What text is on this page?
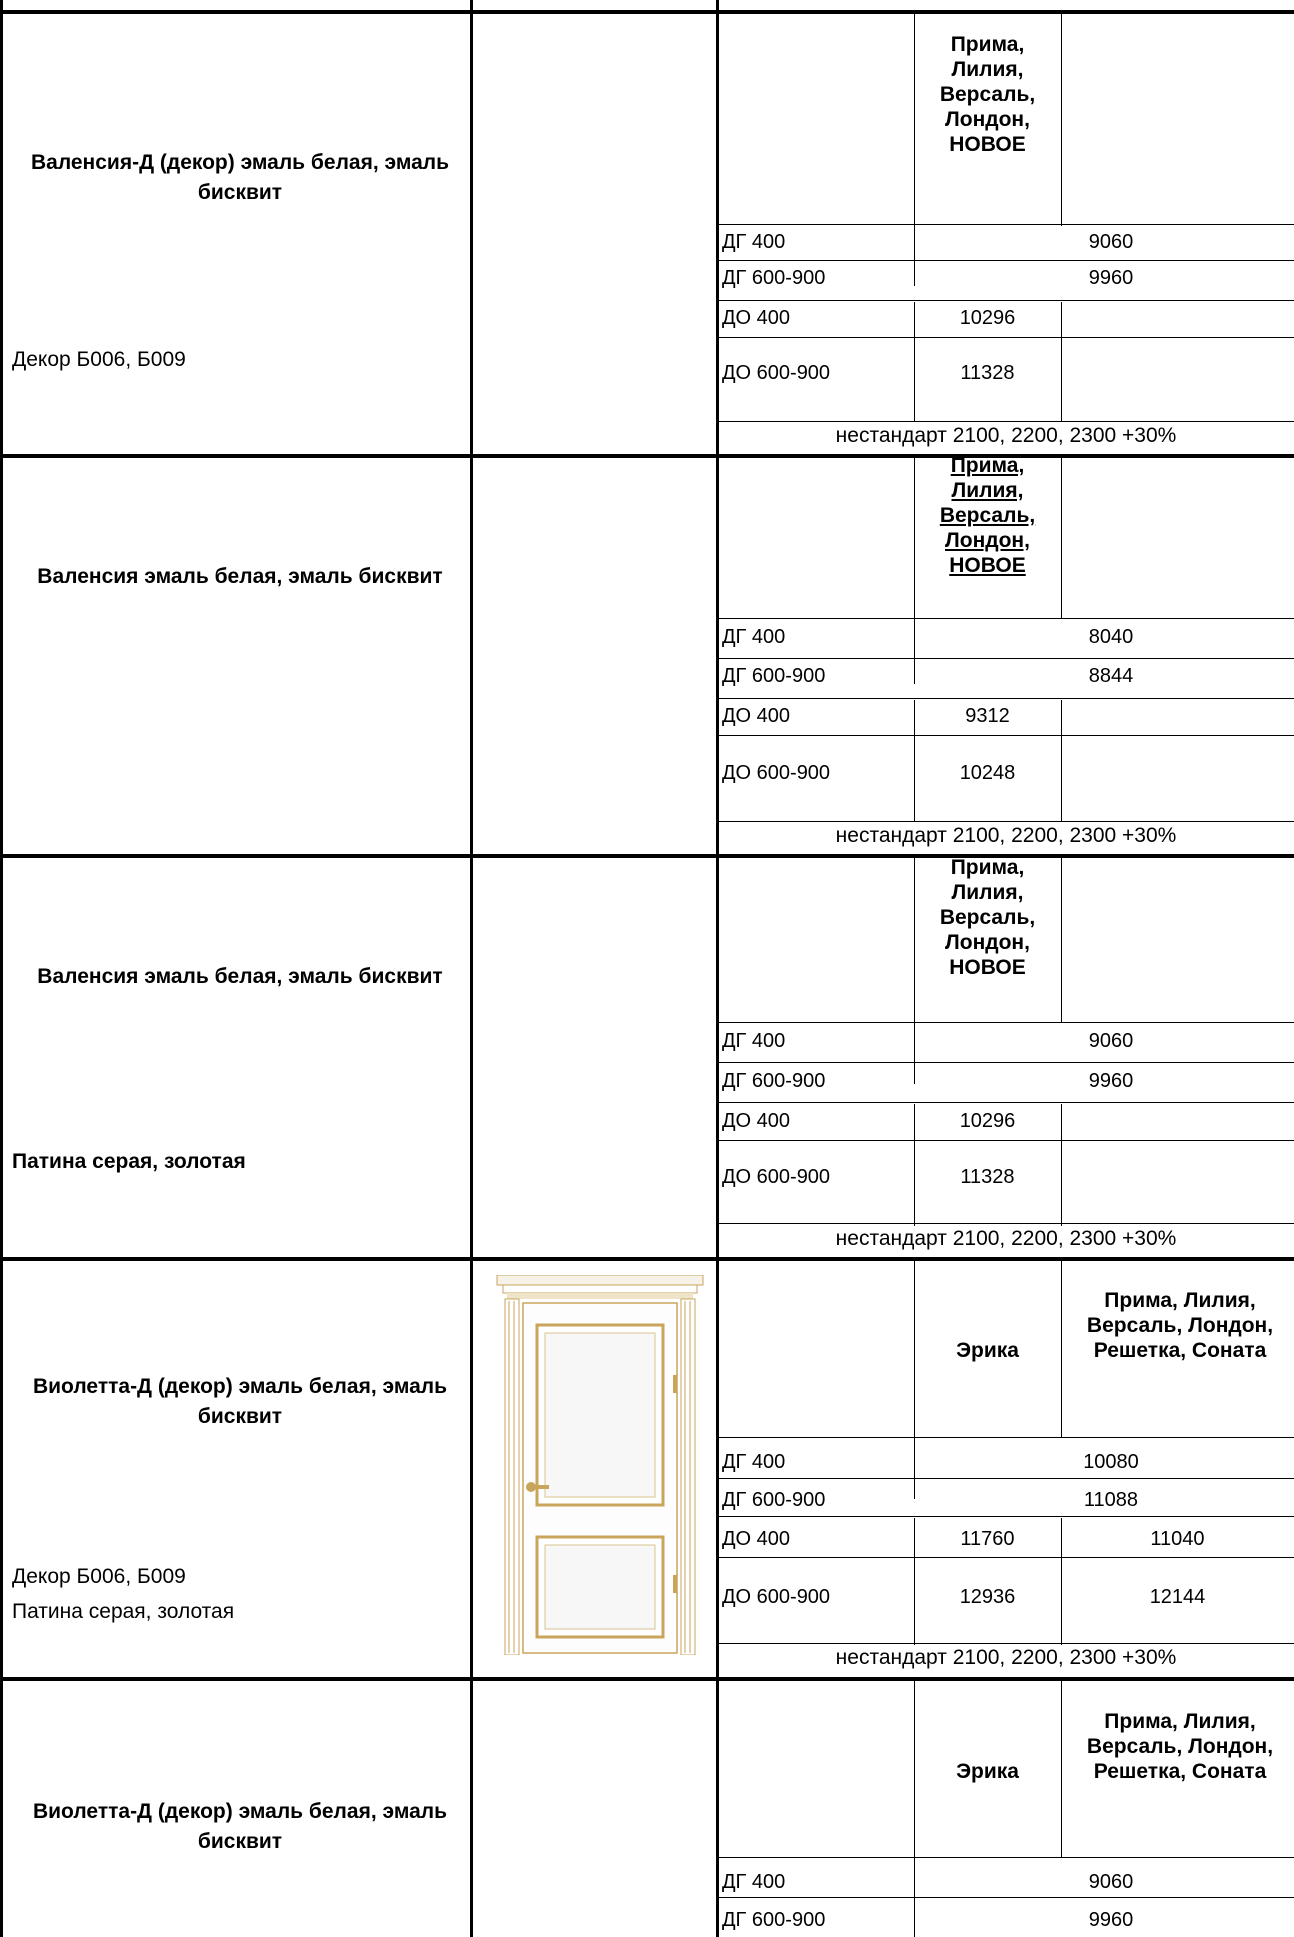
Валенсия-Д (декор) эмаль белая, эмаль бисквит
Декор Б006, Б009
Прима, Лилия, Версаль, Лондон, НОВОЕ
ДГ 400	9060
ДГ 600-900	9960
ДО 400	10296
ДО 600-900	11328
нестандарт 2100, 2200, 2300 +30%
Валенсия эмаль белая, эмаль бисквит
Прима, Лилия, Версаль, Лондон, НОВОЕ
ДГ 400	8040
ДГ 600-900	8844
ДО 400	9312
ДО 600-900	10248
нестандарт 2100, 2200, 2300 +30%
Валенсия эмаль белая, эмаль бисквит
Патина серая, золотая
Прима, Лилия, Версаль, Лондон, НОВОЕ
ДГ 400	9060
ДГ 600-900	9960
ДО 400	10296
ДО 600-900	11328
нестандарт 2100, 2200, 2300 +30%
Виолетта-Д (декор) эмаль белая, эмаль бисквит
Декор Б006, Б009
Патина серая, золотая
Эрика
Прима, Лилия, Версаль, Лондон, Решетка, Соната
ДГ 400	10080
ДГ 600-900	11088
ДО 400	11760	11040
ДО 600-900	12936	12144
нестандарт 2100, 2200, 2300 +30%
Виолетта-Д (декор) эмаль белая, эмаль бисквит
Эрика
Прима, Лилия, Версаль, Лондон, Решетка, Соната
ДГ 400	9060
ДГ 600-900	9960
